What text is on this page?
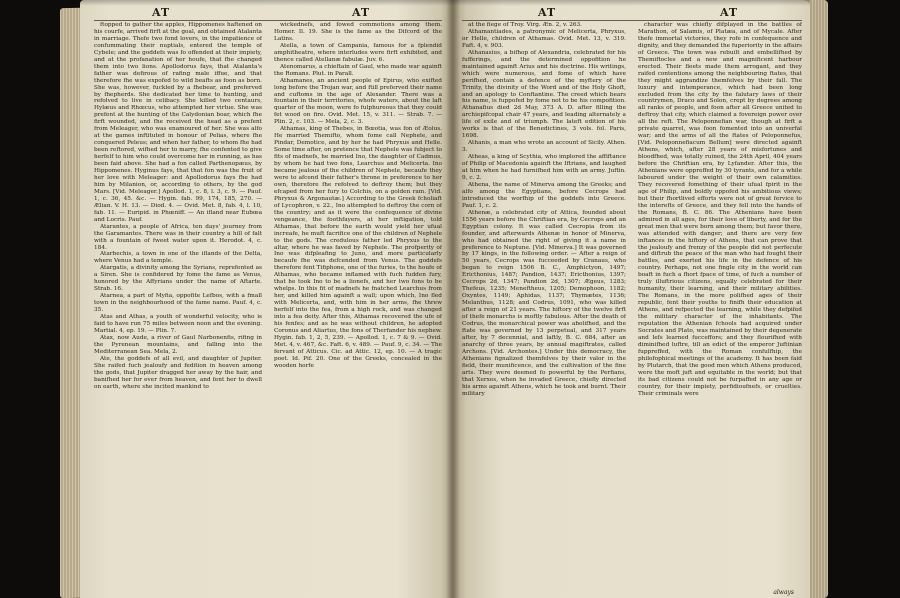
AT	AT

ftopped to gather the apples, Hippomenes haftened on his courfe, arrived firft at the goal, and obtained Atalanta in marriage. Thefe two fond lovers, in the impatience of confummating their nuptials, entered the temple of Cybele; and the goddefs was fo offended at their impiety, and at the profanation of her houfe, that fhe changed them into two lions. Apollodorus fays, that Atalanta's father was defirous of rafing male iffue, and that therefore fhe was expofed to wild beafts as foon as born. She was, however, fuckled by a fhebear, and preferved by fhepherds. She dedicated her time to hunting, and refolved to live in celibacy. She killed two centaurs, Hylæus and Rhœcus, who attempted her virtue. She was prefent at the hunting of the Calydonian boar, which fhe firft wounded, and fhe received the head as a prefent from Meleager, who was enamoured of her. She was alfo at the games inftituted in honour of Pelias, where fhe conquered Peleus; and when her father, to whom fhe had been reftored, wifhed her to marry, fhe confented to give herfelf to him who could overcome her in running, as has been faid above. She had a fon called Parthenopæus, by Hippomenes. Hyginus fays, that that fon was the fruit of her love with Meleager: and Apollodorus fays fhe had him by Milanion, or, according to others, by the god Mars. [Vid. Meleager.] Apollod. 1, c. 8, l. 3, c. 9. — Pauf. 1, c. 36, 45. &c. — Hygin. fab. 99, 174, 185, 270. — Ælian. V. H. 13. — Diod. 4. — Ovid. Met. 8, fab. 4, l. 10, fab. 11. — Euripid. in Phœniff. — An ifland near Eubœa and Locris. Pauf.

Atarantes, a people of Africa, ten days' journey from the Garamantes. There was in their country a hill of falt with a fountain of fweet water upon it. Herodot. 4, c. 184.

Atarbechis, a town in one of the iflands of the Delta, where Venus had a temple.

Atargatis, a divinity among the Syrians, reprefented as a Siren. She is confidered by fome the fame as Venus, honored by the Affyrians under the name of Aftarte. Strab. 16.

Atarnea, a part of Myfia, oppofite Lefbos, with a fmall town in the neighbourhood of the fame name. Pauf. 4, c. 35.

Atas and Athas, a youth of wonderful velocity, who is faid to have run 75 miles between noon and the evening. Martial. 4, ep. 19. — Plin. 7.

Atax, now Aude, a river of Gaul Narbonenfis, rifing in the Pyrenean mountains, and falling into the Mediterranean Sea. Mela, 2.

Ate, the goddefs of all evil, and daughter of Jupiter. She raifed fuch jealoufy and fedition in heaven among the gods, that Jupiter dragged her away by the hair, and banifhed her for ever from heaven, and fent her to dwell on earth, where she incited mankind to

wickednefs, and fowed commotions among them. Homer. Il. 19. She is the fame as the Difcord of the Latins.

Atella, a town of Campania, famous for a fplendid amphitheatre, where interludes were firft exhibited, and thence called Atellanæ fabulæ. Juv. 6.

Atenomarus, a chieftain of Gaul, who made war againft the Romans. Plut. in Parall.

Athamanes, an ancient people of Epirus, who exifted long before the Trojan war, and ftill preferved their name and cuftoms in the age of Alexander. There was a fountain in their territories, whofe waters, about the laft quarter of the moon, were fo fulphureous that they could fet wood on fire. Ovid. Met. 15, v. 311. — Strab. 7. — Plin. 2, c. 103. — Mela, 2, c. 3.

Athamas, king of Thebes, in Bœotia, was fon of Æolus. He married Themifto, whom fome call Nephele, and Pindar, Demotice, and by her he had Phryxus and Helle. Some time after, on pretence that Nephele was fubject to fits of madnefs, he married Ino, the daughter of Cadmus, by whom he had two fons, Learchus and Melicerta. Ino became jealous of the children of Nephele, becaufe they were to afcend their father's throne in preference to her own, therefore fhe refolved to deftroy them; but they efcaped from her fury to Colchis, on a golden ram. [Vid. Phryxus & Argonautæ.] According to the Greek fcholiaft of Lycophron, v. 22., Ino attempted to deftroy the corn of the country; and as it were the confequence of divine vengeance, the foothfayers, at her inftigation, told Athamas, that before the earth would yield her ufual increafe, he muft facrifice one of the children of Nephele to the gods. The credulous father led Phryxus to the altar, where he was faved by Nephele. The profperity of Ino was difpleafing to Juno, and more particularly becaufe fhe was defcended from Venus. The goddefs therefore fent Tifiphone, one of the furies, to the houfe of Athamas, who became inflamed with fuch fudden fury, that he took Ino to be a lionefs, and her two fons to be whelps. In this fit of madnefs he fnatched Learchus from her, and killed him againft a wall; upon which, Ino fled with Melicerta, and, with him in her arms, fhe threw herfelf into the fea, from a high rock, and was changed into a fea deity. After this, Athamas recovered the ufe of his fenfes; and as he was without children, he adopted Coronus and Aliartus, the fons of Therfander his nephew. Hygin. fab. 1, 2, 5, 239. — Apollod. 1, c. 7 & 9. — Ovid. Met. 4, v. 467, &c. Faft. 6, v. 489. — Pauf. 9, c. 34. — The fervant of Atticus. Cic. ad Attic. 12, ep. 10. — A tragic poet. Id. Pif. 20. One of the Greeks, concealed in the wooden horfe

AT	AT

at the fiege of Troy. Virg. Æn. 2, v. 263.

Athamantiades, a patronymic of Melicerta, Phryxus, or Helle, children of Athamas. Ovid. Met. 13, v. 319. Faft. 4, v. 903.

Athanasius, a bifhop of Alexandria, celebrated for his fufferings, and the determined oppofition he maintained againft Arius and his doctrine. His writings, which were numerous, and fome of which have perifhed, contain a defence of the myftery of the Trinity, the divinity of the Word and of the Holy Ghoft, and an apology to Conftantine. The creed which bears his name, is fuppofed by fome not to be his compofition. Athanafius died 2d May, 373 A. D. after filling the archiepifcopal chair 47 years, and leading alternately a life of exile and of triumph. The lateft edition of his works is that of the Benedictines, 3 vols. fol. Paris, 1698.

Athanis, a man who wrote an account of Sicily. Athen. 3.

Atheas, a king of Scythia, who implored the affiftance of Philip of Macedonia againft the Iftrians, and laughed at him when he had furnifhed him with an army. Juftin. 9, c. 2.

Athena, the name of Minerva among the Greeks; and alfo among the Egyptians, before Cecrops had introduced the worfhip of the goddefs into Greece. Pauf. 1, c. 2.

Athenæ, a celebrated city of Attica, founded about 1556 years before the Chriftian era, by Cecrops and an Egyptian colony. It was called Cecropia from its founder, and afterwards Athenæ in honor of Minerva, who had obtained the right of giving it a name in preference to Neptune. [Vid. Minerva.] It was governed by 17 kings, in the following order. — After a reign of 50 years, Cecrops was fucceeded by Cranaus, who began to reign 1506 B. C., Amphictyon, 1497; Ericthonius, 1487; Pandion, 1437; Ericthonius, 1397; Cecrops 2d, 1347; Pandion 2d, 1307; Ægeus, 1283; Thefeus, 1235; Meneftheus, 1205; Demophoon, 1182; Oxyntes, 1149; Aphidas, 1137; Thymætes, 1136; Melanthus, 1128; and Codrus, 1091, who was killed after a reign of 21 years. The hiftory of the twelve firft of thefe monarchs is moftly fabulous. After the death of Codrus, the monarchical power was abolifhed, and the ftate was governed by 13 perpetual, and 317 years after, by 7 decennial, and laftly, B. C. 684, after an anarchy of three years, by annual magiftrates, called Archons. [Vid. Archontes.] Under this democracy, the Athenians fignalized themfelves by their valor in the field, their munificence, and the cultivation of the fine arts. They were deemed fo powerful by the Perfians, that Xerxes, when he invaded Greece, chiefly directed his arms againft Athens, which he took and burnt. Their military

character was chiefly difplayed in the battles of Marathon, of Salamis, of Platæa, and of Mycale. After thefe immortal victories, they rofe in confequence and dignity, and they demanded the fuperiority in the affairs of Greece. The town was rebuilt and embellifhed by Themiftocles and a new and magnificent harbour erected. Their fleets made them arrogant, and they raifed contentions among the neighbouring ftates, that they might aggrandize themfelves by their fall. The luxury and intemperance, which had been long excluded from the city by the falutary laws of their countrymen, Draco and Solon, crept by degrees among all ranks of people, and foon after all Greece united to deftroy that city, which claimed a fovereign power over all the reft. The Peloponnefian war, though at firft a private quarrel, was foon fomented into an univerfal war; and the arms of all the ftates of Peloponnefus, [Vid. Peloponnefiacum Bellum] were directed againft Athens, which, after 28 years of misfortunes and bloodfhed, was totally ruined, the 24th April, 404 years before the Chriftian era, by Lyfander. After this, the Athenians were oppreffed by 30 tyrants, and for a while laboured under the weight of their own calamities. They recovered fomething of their ufual fpirit in the age of Philip, and boldly oppofed his ambitious views; but their fhortlived efforts were not of great fervice to the interefts of Greece, and they fell into the hands of the Romans, B. C. 86. The Athenians have been admired in all ages, for their love of liberty, and for the great men that were born among them; but favor there, was attended with danger; and there are very few inftances in the hiftory of Athens, that can prove that the jealoufy and frenzy of the people did not perfecute and diftrub the peace of the man who had fought their battles, and exerted his life in the defence of his country. Perhaps, not one fingle city in the world can boaft in fuch a fhort fpace of time, of fuch a number of truly illuftrious citizens, equally celebrated for their humanity, their learning, and their military abilities. The Romans, in the more polifhed ages of their republic, fent their youths to finifh their education at Athens, and refpected the learning, while they defpifed the military character of the inhabitants. The reputation the Athenian fchools had acquired under Socrates and Plato, was maintained by their degenerate and lefs learned fucceffors; and they flourifhed with diminifhed luftre, till an edict of the emperor Juftinian fuppreffed, with the Roman confulfhip, the philofophical meetings of the academy. It has been faid by Plutarch, that the good men which Athens produced, were the moft juft and equitable in the world; but that its bad citizens could not be furpaffed in any age or country, for their impiety, perfidioufnefs, or cruelties. Their criminals were

always
